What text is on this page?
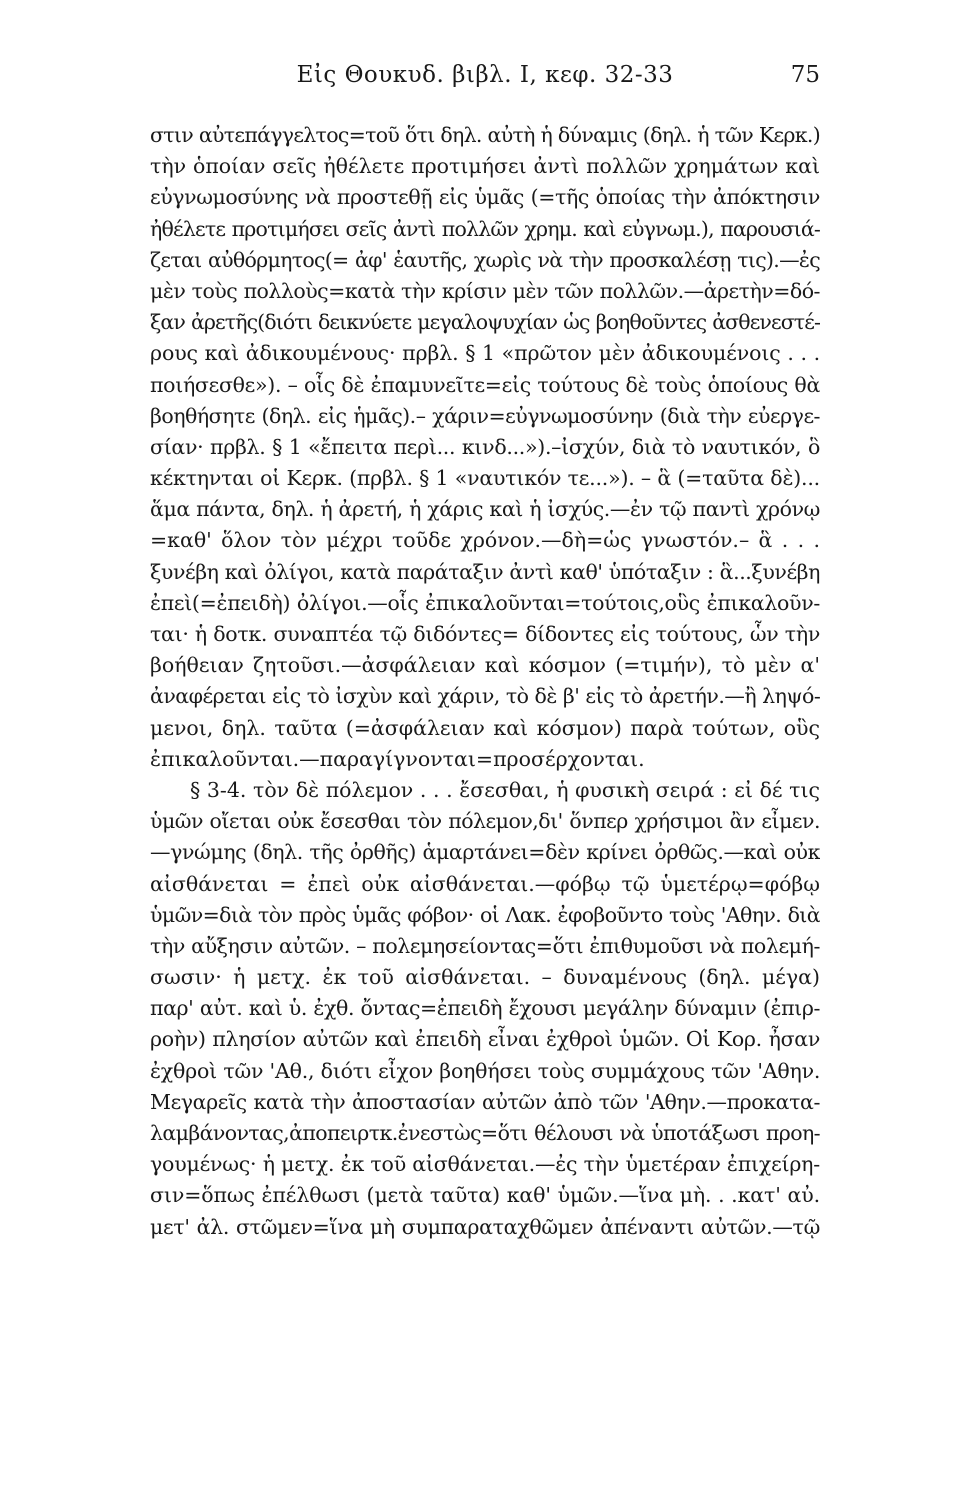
Εἰς Θουκυδ. βιβλ. Ι, κεφ. 32-33	75
στιν αὐτεπάγγελτος=τοῦ ὅτι δηλ. αὐτὴ ἡ δύναμις (δηλ. ἡ τῶν Κερκ.)
τὴν ὁποίαν σεῖς ἠθέλετε προτιμήσει ἀντὶ πολλῶν χρημάτων καὶ
εὐγνωμοσύνης νὰ προστεθῇ εἰς ὑμᾶς (=τῆς ὁποίας τὴν ἀπόκτησιν
ἠθέλετε προτιμήσει σεῖς ἀντὶ πολλῶν χρημ. καὶ εὐγνωμ.), παρουσιά-
ζεται αὐθόρμητος(= ἀφ' ἑαυτῆς, χωρὶς νὰ τὴν προσκαλέσῃ τις).—ἐς
μὲν τοὺς πολλοὺς=κατὰ τὴν κρίσιν μὲν τῶν πολλῶν.—ἀρετὴν=δό-
ξαν ἀρετῆς(διότι δεικνύετε μεγαλοψυχίαν ὡς βοηθοῦντες ἀσθενεστέ-
ρους καὶ ἀδικουμένους· πρβλ. § 1 «πρῶτον μὲν ἀδικουμένοις . . .
ποιήσεσθε»). – οἷς δὲ ἐπαμυνεῖτε=εἰς τούτους δὲ τοὺς ὁποίους θὰ
βοηθήσητε (δηλ. εἰς ἡμᾶς).– χάριν=εὐγνωμοσύνην (διὰ τὴν εὐεργε-
σίαν· πρβλ. § 1 «ἔπειτα περὶ... κινδ...»).–ἰσχύν, διὰ τὸ ναυτικόν, ὃ
κέκτηνται οἱ Κερκ. (πρβλ. § 1 «ναυτικόν τε...»). – ἃ (=ταῦτα δὲ)...
ἅμα πάντα, δηλ. ἡ ἀρετή, ἡ χάρις καὶ ἡ ἰσχύς.—ἐν τῷ παντὶ χρόνῳ
=καθ' ὅλον τὸν μέχρι τοῦδε χρόνον.—δὴ=ὡς γνωστόν.– ἃ . . .
ξυνέβη καὶ ὀλίγοι, κατὰ παράταξιν ἀντὶ καθ' ὑπόταξιν : ἃ...ξυνέβη
ἐπεὶ(=ἐπειδὴ) ὀλίγοι.—οἷς ἐπικαλοῦνται=τούτοις,οὓς ἐπικαλοῦν-
ται· ἡ δοτκ. συναπτέα τῷ διδόντες= δίδοντες εἰς τούτους, ὧν τὴν
βοήθειαν ζητοῦσι.—ἀσφάλειαν καὶ κόσμον (=τιμήν), τὸ μὲν α'
ἀναφέρεται εἰς τὸ ἰσχὺν καὶ χάριν, τὸ δὲ β' εἰς τὸ ἀρετήν.—ἢ ληψό-
μενοι, δηλ. ταῦτα (=ἀσφάλειαν καὶ κόσμον) παρὰ τούτων, οὓς
ἐπικαλοῦνται.—παραγίγνονται=προσέρχονται.
§ 3-4. τὸν δὲ πόλεμον . . . ἔσεσθαι, ἡ φυσικὴ σειρά : εἰ δέ τις
ὑμῶν οἴεται οὐκ ἔσεσθαι τὸν πόλεμον,δι' ὅνπερ χρήσιμοι ἂν εἶμεν.
—γνώμης (δηλ. τῆς ὀρθῆς) ἁμαρτάνει=δὲν κρίνει ὀρθῶς.—καὶ οὐκ
αἰσθάνεται = ἐπεὶ οὐκ αἰσθάνεται.—φόβῳ τῷ ὑμετέρῳ=φόβῳ
ὑμῶν=διὰ τὸν πρὸς ὑμᾶς φόβον· οἱ Λακ. ἐφοβοῦντο τοὺς 'Αθην. διὰ
τὴν αὔξησιν αὐτῶν. – πολεμησείοντας=ὅτι ἐπιθυμοῦσι νὰ πολεμή-
σωσιν· ἡ μετχ. ἐκ τοῦ αἰσθάνεται. – δυναμένους (δηλ. μέγα)
παρ' αὐτ. καὶ ὑ. ἐχθ. ὄντας=ἐπειδὴ ἔχουσι μεγάλην δύναμιν (ἐπιρ-
ροὴν) πλησίον αὐτῶν καὶ ἐπειδὴ εἶναι ἐχθροὶ ὑμῶν. Οἱ Κορ. ἦσαν
ἐχθροὶ τῶν 'Αθ., διότι εἶχον βοηθήσει τοὺς συμμάχους τῶν 'Αθην.
Μεγαρεῖς κατὰ τὴν ἀποστασίαν αὐτῶν ἀπὸ τῶν 'Αθην.—προκατα-
λαμβάνοντας,ἀποπειρτκ.ἐνεστὼς=ὅτι θέλουσι νὰ ὑποτάξωσι προη-
γουμένως· ἡ μετχ. ἐκ τοῦ αἰσθάνεται.—ἐς τὴν ὑμετέραν ἐπιχείρη-
σιν=ὅπως ἐπέλθωσι (μετὰ ταῦτα) καθ' ὑμῶν.—ἵνα μὴ. . .κατ' αὐ.
μετ' ἀλ. στῶμεν=ἵνα μὴ συμπαραταχθῶμεν ἀπέναντι αὐτῶν.—τῷ
